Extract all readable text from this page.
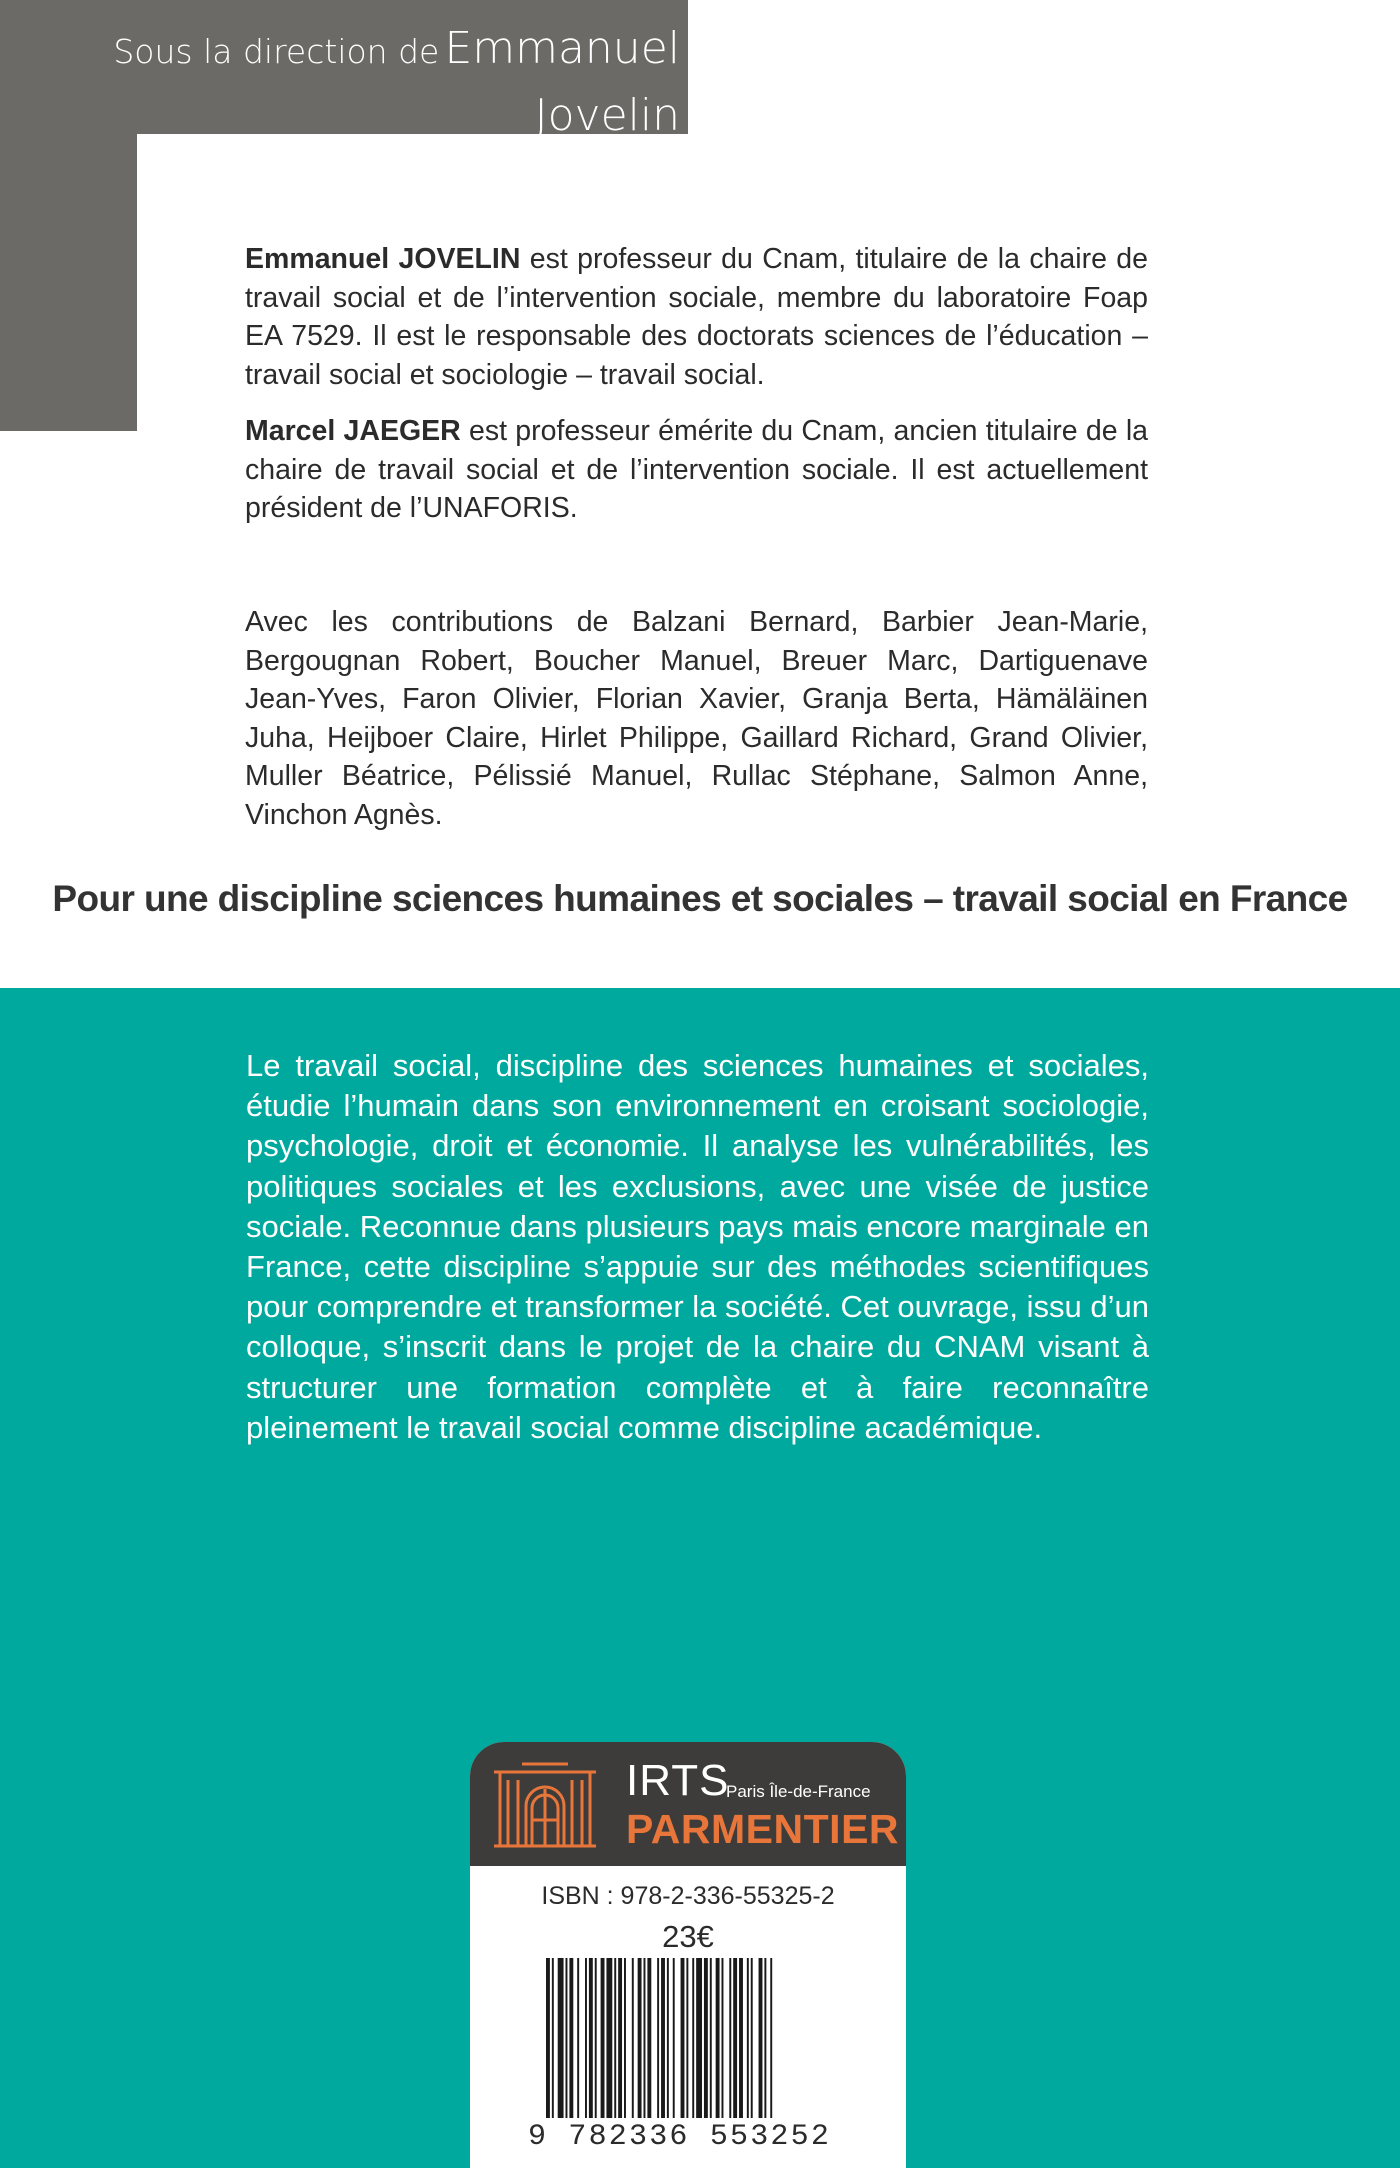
Sous la direction de Emmanuel Jovelin
et Marcel Jaeger

Emmanuel JOVELIN est professeur du Cnam, titulaire de la chaire de travail social et de l’intervention sociale, membre du laboratoire Foap EA 7529. Il est le responsable des doctorats sciences de l’éducation – travail social et sociologie – travail social.

Marcel JAEGER est professeur émérite du Cnam, ancien titulaire de la chaire de travail social et de l’intervention sociale. Il est actuellement président de l’UNAFORIS.

Avec les contributions de Balzani Bernard, Barbier Jean-Marie, Bergougnan Robert, Boucher Manuel, Breuer Marc, Dartiguenave Jean-Yves, Faron Olivier, Florian Xavier, Granja Berta, Hämäläinen Juha, Heijboer Claire, Hirlet Philippe, Gaillard Richard, Grand Olivier, Muller Béatrice, Pélissié Manuel, Rullac Stéphane, Salmon Anne, Vinchon Agnès.

Pour une discipline sciences humaines et sociales – travail social en France

Le travail social, discipline des sciences humaines et sociales, étudie l’humain dans son environnement en croisant sociologie, psychologie, droit et économie. Il analyse les vulnérabilités, les politiques sociales et les exclusions, avec une visée de justice sociale. Reconnue dans plusieurs pays mais encore marginale en France, cette discipline s’appuie sur des méthodes scientifiques pour comprendre et transformer la société. Cet ouvrage, issu d’un colloque, s’inscrit dans le projet de la chaire du CNAM visant à structurer une formation complète et à faire reconnaître pleinement le travail social comme discipline académique.

IRTS
Paris Île-de-France
PARMENTIER
ISBN : 978-2-336-55325-2
23€
9 782336 553252
